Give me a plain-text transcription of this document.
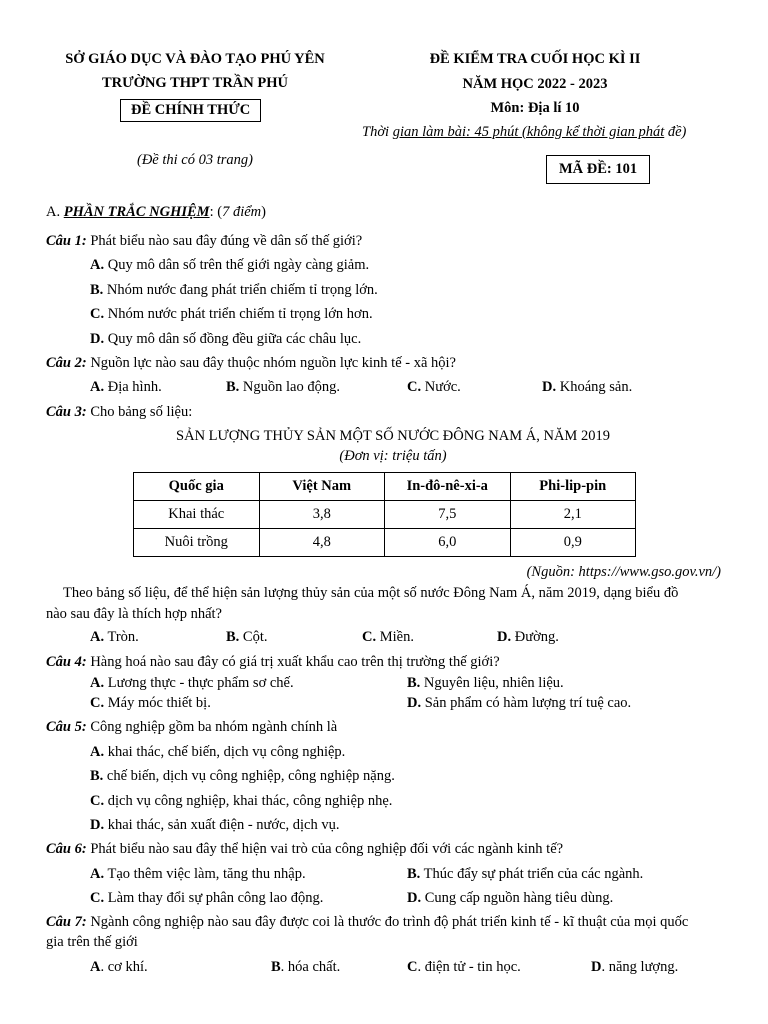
SỞ GIÁO DỤC VÀ ĐÀO TẠO PHÚ YÊN
TRƯỜNG THPT TRẦN PHÚ
ĐỀ CHÍNH THỨC
(Đề thi có 03 trang)
ĐỀ KIỂM TRA CUỐI HỌC KÌ II
NĂM HỌC 2022 - 2023
Môn: Địa lí 10
Thời gian làm bài: 45 phút (không kể thời gian phát đề)
MÃ ĐỀ: 101
A. PHẦN TRẮC NGHIỆM: (7 điểm)
Câu 1: Phát biểu nào sau đây đúng về dân số thế giới?
A. Quy mô dân số trên thế giới ngày càng giảm.
B. Nhóm nước đang phát triển chiếm tỉ trọng lớn.
C. Nhóm nước phát triển chiếm tỉ trọng lớn hơn.
D. Quy mô dân số đồng đều giữa các châu lục.
Câu 2: Nguồn lực nào sau đây thuộc nhóm nguồn lực kinh tế - xã hội?
A. Địa hình.	B. Nguồn lao động.	C. Nước.	D. Khoáng sản.
Câu 3: Cho bảng số liệu:
SẢN LƯỢNG THỦY SẢN MỘT SỐ NƯỚC ĐÔNG NAM Á, NĂM 2019
(Đơn vị: triệu tấn)
Quốc gia	Việt Nam	In-đô-nê-xi-a	Phi-lip-pin
Khai thác	3,8	7,5	2,1
Nuôi trồng	4,8	6,0	0,9
(Nguồn: https://www.gso.gov.vn/)
Theo bảng số liệu, để thể hiện sản lượng thủy sản của một số nước Đông Nam Á, năm 2019, dạng biểu đồ
nào sau đây là thích hợp nhất?
A. Tròn.	B. Cột.	C. Miền.	D. Đường.
Câu 4: Hàng hoá nào sau đây có giá trị xuất khẩu cao trên thị trường thế giới?
A. Lương thực - thực phẩm sơ chế.	B. Nguyên liệu, nhiên liệu.
C. Máy móc thiết bị.	D. Sản phẩm có hàm lượng trí tuệ cao.
Câu 5: Công nghiệp gồm ba nhóm ngành chính là
A. khai thác, chế biến, dịch vụ công nghiệp.
B. chế biến, dịch vụ công nghiệp, công nghiệp nặng.
C. dịch vụ công nghiệp, khai thác, công nghiệp nhẹ.
D. khai thác, sản xuất điện - nước, dịch vụ.
Câu 6: Phát biểu nào sau đây thể hiện vai trò của công nghiệp đối với các ngành kinh tế?
A. Tạo thêm việc làm, tăng thu nhập.	B. Thúc đẩy sự phát triển của các ngành.
C. Làm thay đổi sự phân công lao động.	D. Cung cấp nguồn hàng tiêu dùng.
Câu 7: Ngành công nghiệp nào sau đây được coi là thước đo trình độ phát triển kinh tế - kĩ thuật của mọi quốc
gia trên thế giới
A. cơ khí.	B. hóa chất.	C. điện tử - tin học.	D. năng lượng.
